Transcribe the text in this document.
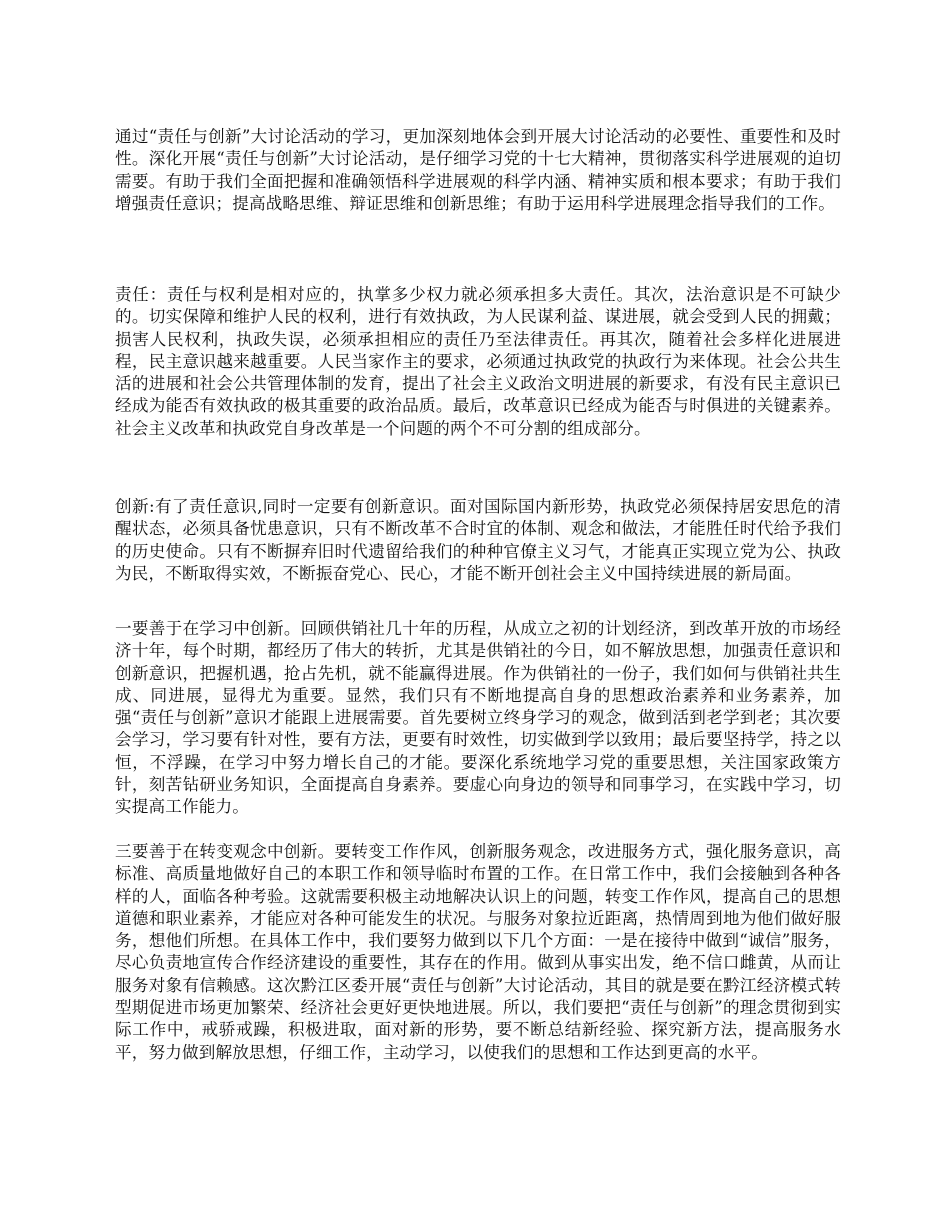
通过“责任与创新”大讨论活动的学习，更加深刻地体会到开展大讨论活动的必要性、重要性和及时性。深化开展“责任与创新”大讨论活动，是仔细学习党的十七大精神，贯彻落实科学进展观的迫切需要。有助于我们全面把握和准确领悟科学进展观的科学内涵、精神实质和根本要求；有助于我们增强责任意识；提高战略思维、辩证思维和创新思维；有助于运用科学进展理念指导我们的工作。

责任：责任与权利是相对应的，执掌多少权力就必须承担多大责任。其次，法治意识是不可缺少的。切实保障和维护人民的权利，进行有效执政，为人民谋利益、谋进展，就会受到人民的拥戴；损害人民权利，执政失误，必须承担相应的责任乃至法律责任。再其次，随着社会多样化进展进程，民主意识越来越重要。人民当家作主的要求，必须通过执政党的执政行为来体现。社会公共生活的进展和社会公共管理体制的发育，提出了社会主义政治文明进展的新要求，有没有民主意识已经成为能否有效执政的极其重要的政治品质。最后，改革意识已经成为能否与时俱进的关键素养。社会主义改革和执政党自身改革是一个问题的两个不可分割的组成部分。

创新:有了责任意识,同时一定要有创新意识。面对国际国内新形势，执政党必须保持居安思危的清醒状态，必须具备忧患意识，只有不断改革不合时宜的体制、观念和做法，才能胜任时代给予我们的历史使命。只有不断摒弃旧时代遗留给我们的种种官僚主义习气，才能真正实现立党为公、执政为民，不断取得实效，不断振奋党心、民心，才能不断开创社会主义中国持续进展的新局面。

一要善于在学习中创新。回顾供销社几十年的历程，从成立之初的计划经济，到改革开放的市场经济十年，每个时期，都经历了伟大的转折，尤其是供销社的今日，如不解放思想，加强责任意识和创新意识，把握机遇，抢占先机，就不能赢得进展。作为供销社的一份子，我们如何与供销社共生成、同进展，显得尤为重要。显然，我们只有不断地提高自身的思想政治素养和业务素养，加强“责任与创新”意识才能跟上进展需要。首先要树立终身学习的观念，做到活到老学到老；其次要会学习，学习要有针对性，要有方法，更要有时效性，切实做到学以致用；最后要坚持学，持之以恒，不浮躁，在学习中努力增长自己的才能。要深化系统地学习党的重要思想，关注国家政策方针，刻苦钻研业务知识，全面提高自身素养。要虚心向身边的领导和同事学习，在实践中学习，切实提高工作能力。

三要善于在转变观念中创新。要转变工作作风，创新服务观念，改进服务方式，强化服务意识，高标准、高质量地做好自己的本职工作和领导临时布置的工作。在日常工作中，我们会接触到各种各样的人，面临各种考验。这就需要积极主动地解决认识上的问题，转变工作作风，提高自己的思想道德和职业素养，才能应对各种可能发生的状况。与服务对象拉近距离，热情周到地为他们做好服务，想他们所想。在具体工作中，我们要努力做到以下几个方面：一是在接待中做到“诚信”服务，尽心负责地宣传合作经济建设的重要性，其存在的作用。做到从事实出发，绝不信口雌黄，从而让服务对象有信赖感。这次黔江区委开展“责任与创新”大讨论活动，其目的就是要在黔江经济模式转型期促进市场更加繁荣、经济社会更好更快地进展。所以，我们要把“责任与创新”的理念贯彻到实际工作中，戒骄戒躁，积极进取，面对新的形势，要不断总结新经验、探究新方法，提高服务水平，努力做到解放思想，仔细工作，主动学习，以使我们的思想和工作达到更高的水平。
